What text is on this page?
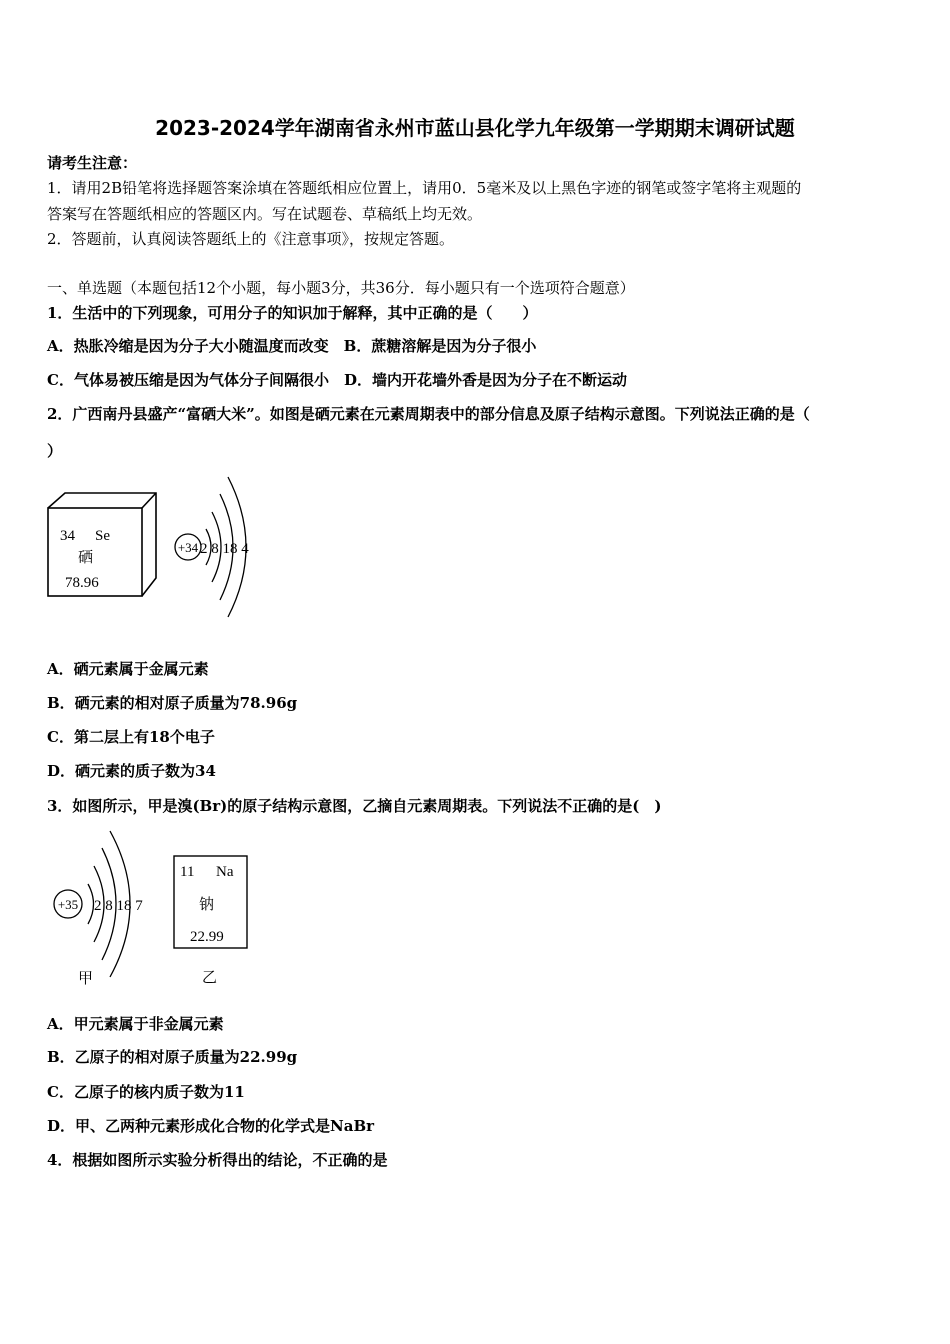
2023-2024学年湖南省永州市蓝山县化学九年级第一学期期末调研试题
请考生注意：
1．请用2B铅笔将选择题答案涂填在答题纸相应位置上，请用0．5毫米及以上黑色字迹的钢笔或签字笔将主观题的
答案写在答题纸相应的答题区内。写在试题卷、草稿纸上均无效。
2．答题前，认真阅读答题纸上的《注意事项》，按规定答题。
一、单选题（本题包括12个小题，每小题3分，共36分．每小题只有一个选项符合题意）
1．生活中的下列现象，可用分子的知识加于解释，其中正确的是（　　）
A．热胀冷缩是因为分子大小随温度而改变　B．蔗糖溶解是因为分子很小
C．气体易被压缩是因为气体分子间隔很小　D．墙内开花墙外香是因为分子在不断运动
2．广西南丹县盛产“富硒大米”。如图是硒元素在元素周期表中的部分信息及原子结构示意图。下列说法正确的是（
）
34 Se
硒
78.96
+34 2 8 18 4
A．硒元素属于金属元素
B．硒元素的相对原子质量为78.96g
C．第二层上有18个电子
D．硒元素的质子数为34
3．如图所示，甲是溴(Br)的原子结构示意图，乙摘自元素周期表。下列说法不正确的是(　)
+35 2 8 18 7
甲
11 Na
钠
22.99
乙
A．甲元素属于非金属元素
B．乙原子的相对原子质量为22.99g
C．乙原子的核内质子数为11
D．甲、乙两种元素形成化合物的化学式是NaBr
4．根据如图所示实验分析得出的结论，不正确的是
